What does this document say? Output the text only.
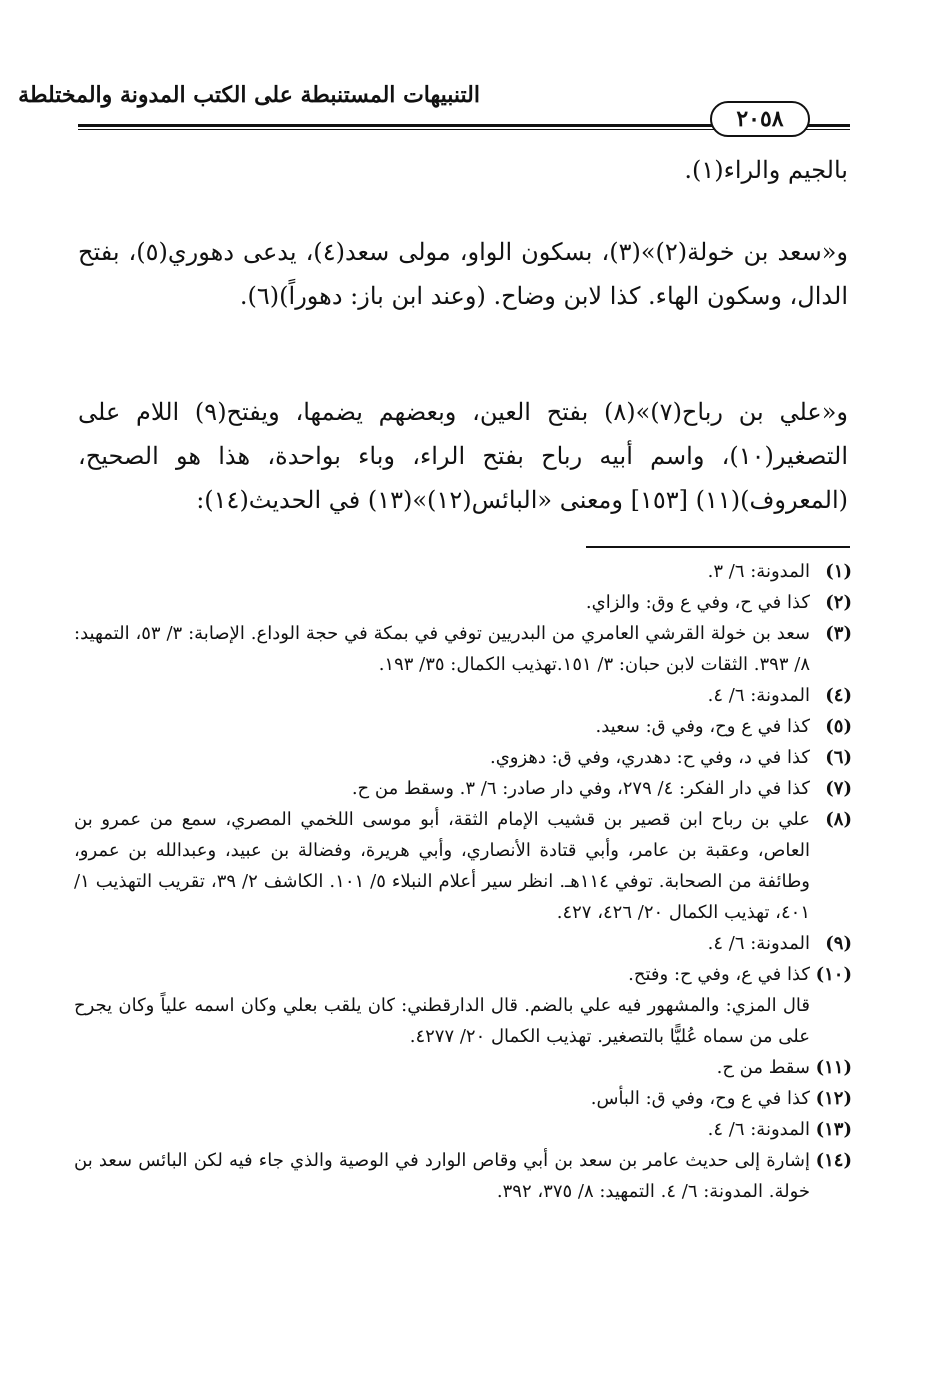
التنبيهات المستنبطة على الكتب المدونة والمختلطة
٢٠٥٨

بالجيم والراء(١).

و«سعد بن خولة(٢)»(٣)، بسكون الواو، مولى سعد(٤)، يدعى دهوري(٥)، بفتح الدال، وسكون الهاء. كذا لابن وضاح. (وعند ابن باز: دهوراً)(٦).

و«علي بن رباح(٧)»(٨) بفتح العين، وبعضهم يضمها، ويفتح(٩) اللام على التصغير(١٠)، واسم أبيه رباح بفتح الراء، وباء بواحدة، هذا هو الصحيح، (المعروف)(١١) [١٥٣] ومعنى «البائس(١٢)»(١٣) في الحديث(١٤):

(١)
المدونة: ٦/ ٣.
(٢)
كذا في ح، وفي ع وق: والزاي.
(٣)
سعد بن خولة القرشي العامري من البدريين توفي في بمكة في حجة الوداع. الإصابة: ٣/ ٥٣، التمهيد: ٨/ ٣٩٣. الثقات لابن حبان: ٣/ ١٥١.تهذيب الكمال: ٣٥/ ١٩٣.
(٤)
المدونة: ٦/ ٤.
(٥)
كذا في ع وح، وفي ق: سعيد.
(٦)
كذا في د، وفي ح: دهدري، وفي ق: دهزوي.
(٧)
كذا في دار الفكر: ٤/ ٢٧٩، وفي دار صادر: ٦/ ٣. وسقط من ح.
(٨)
علي بن رباح ابن قصير بن قشيب الإمام الثقة، أبو موسى اللخمي المصري، سمع من عمرو بن العاص، وعقبة بن عامر، وأبي قتادة الأنصاري، وأبي هريرة، وفضالة بن عبيد، وعبدالله بن عمرو، وطائفة من الصحابة. توفي ١١٤هـ. انظر سير أعلام النبلاء ٥/ ١٠١. الكاشف ٢/ ٣٩، تقريب التهذيب ١/ ٤٠١، تهذيب الكمال ٢٠/ ٤٢٦، ٤٢٧.
(٩)
المدونة: ٦/ ٤.
(١٠)
كذا في ع، وفي ح: وفتح.
قال المزي: والمشهور فيه علي بالضم. قال الدارقطني: كان يلقب بعلي وكان اسمه علياً وكان يجرح على من سماه عُليًّا بالتصغير. تهذيب الكمال ٢٠/ ٤٢٧٧.
(١١)
سقط من ح.
(١٢)
كذا في ع وح، وفي ق: البأس.
(١٣)
المدونة: ٦/ ٤.
(١٤)
إشارة إلى حديث عامر بن سعد بن أبي وقاص الوارد في الوصية والذي جاء فيه لكن البائس سعد بن خولة. المدونة: ٦/ ٤. التمهيد: ٨/ ٣٧٥، ٣٩٢.
